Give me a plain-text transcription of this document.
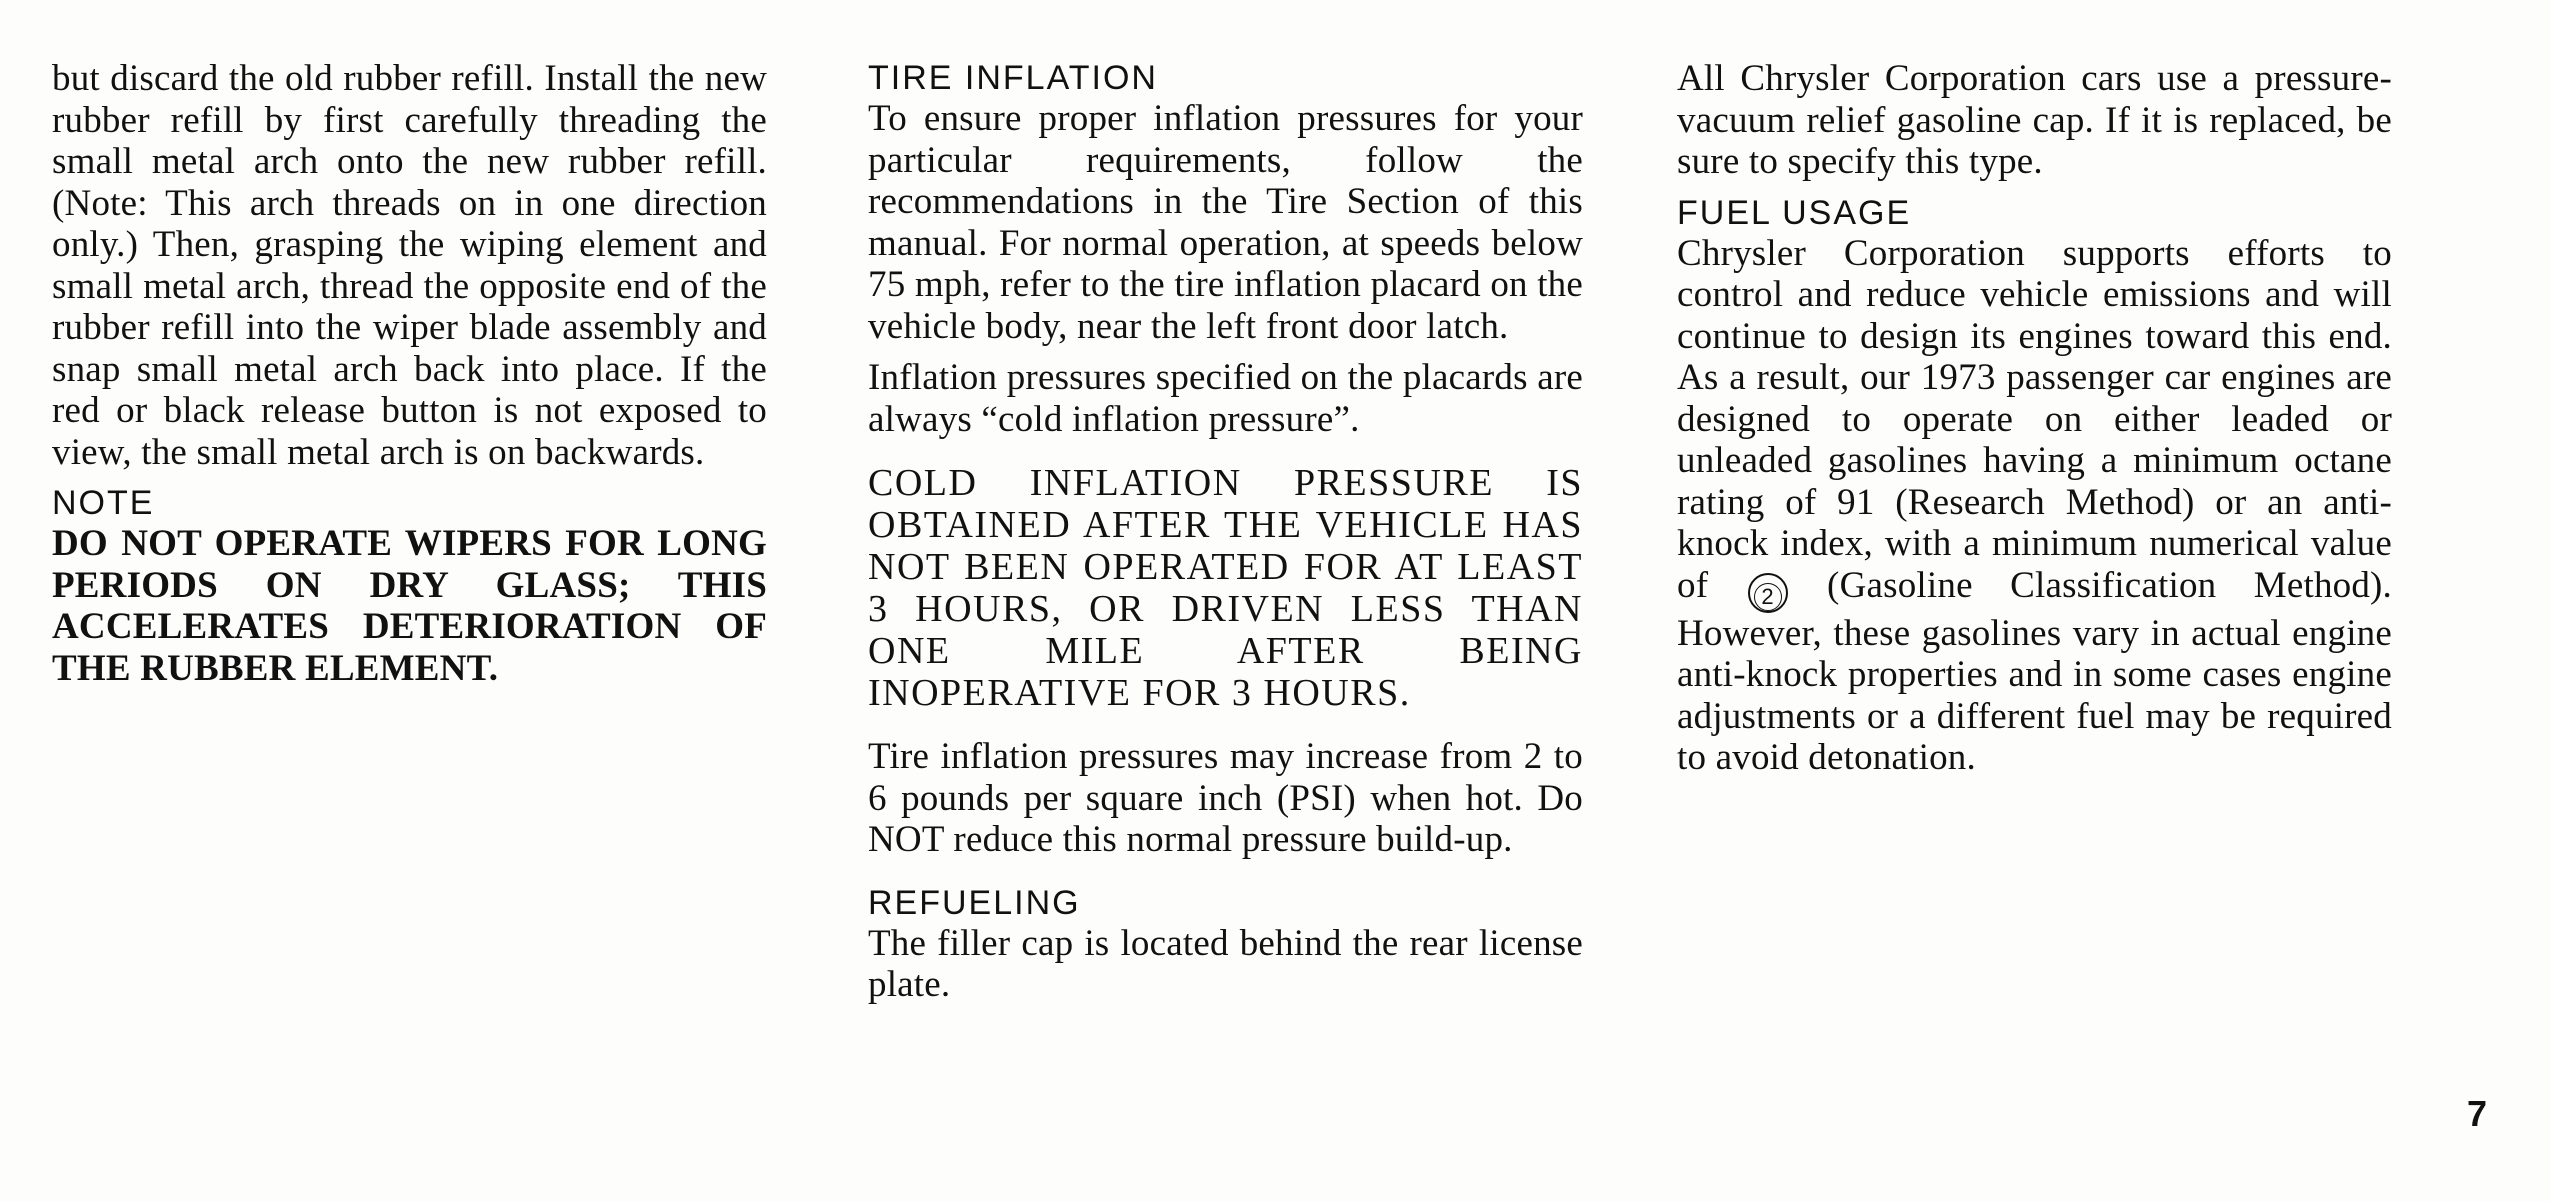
but discard the old rubber refill. Install the new rubber refill by first carefully threading the small metal arch onto the new rubber refill. (Note: This arch threads on in one direction only.) Then, grasping the wiping element and small metal arch, thread the opposite end of the rubber refill into the wiper blade assembly and snap small metal arch back into place. If the red or black release button is not exposed to view, the small metal arch is on backwards.

NOTE

DO NOT OPERATE WIPERS FOR LONG PERIODS ON DRY GLASS; THIS ACCELERATES DETERIORATION OF THE RUBBER ELEMENT.

TIRE INFLATION

To ensure proper inflation pressures for your particular requirements, follow the recommendations in the Tire Section of this manual. For normal operation, at speeds below 75 mph, refer to the tire inflation placard on the vehicle body, near the left front door latch.

Inflation pressures specified on the placards are always “cold inflation pressure”.

COLD INFLATION PRESSURE IS OBTAINED AFTER THE VEHICLE HAS NOT BEEN OPERATED FOR AT LEAST 3 HOURS, OR DRIVEN LESS THAN ONE MILE AFTER BEING INOPERATIVE FOR 3 HOURS.

Tire inflation pressures may increase from 2 to 6 pounds per square inch (PSI) when hot. Do NOT reduce this normal pressure build-up.

REFUELING

The filler cap is located behind the rear license plate.

All Chrysler Corporation cars use a pressure-vacuum relief gasoline cap. If it is replaced, be sure to specify this type.

FUEL USAGE

Chrysler Corporation supports efforts to control and reduce vehicle emissions and will continue to design its engines toward this end. As a result, our 1973 passenger car engines are designed to operate on either leaded or unleaded gasolines having a minimum octane rating of 91 (Research Method) or an anti-knock index, with a minimum numerical value of 2 (Gasoline Classification Method). However, these gasolines vary in actual engine anti-knock properties and in some cases engine adjustments or a different fuel may be required to avoid detonation.

7
